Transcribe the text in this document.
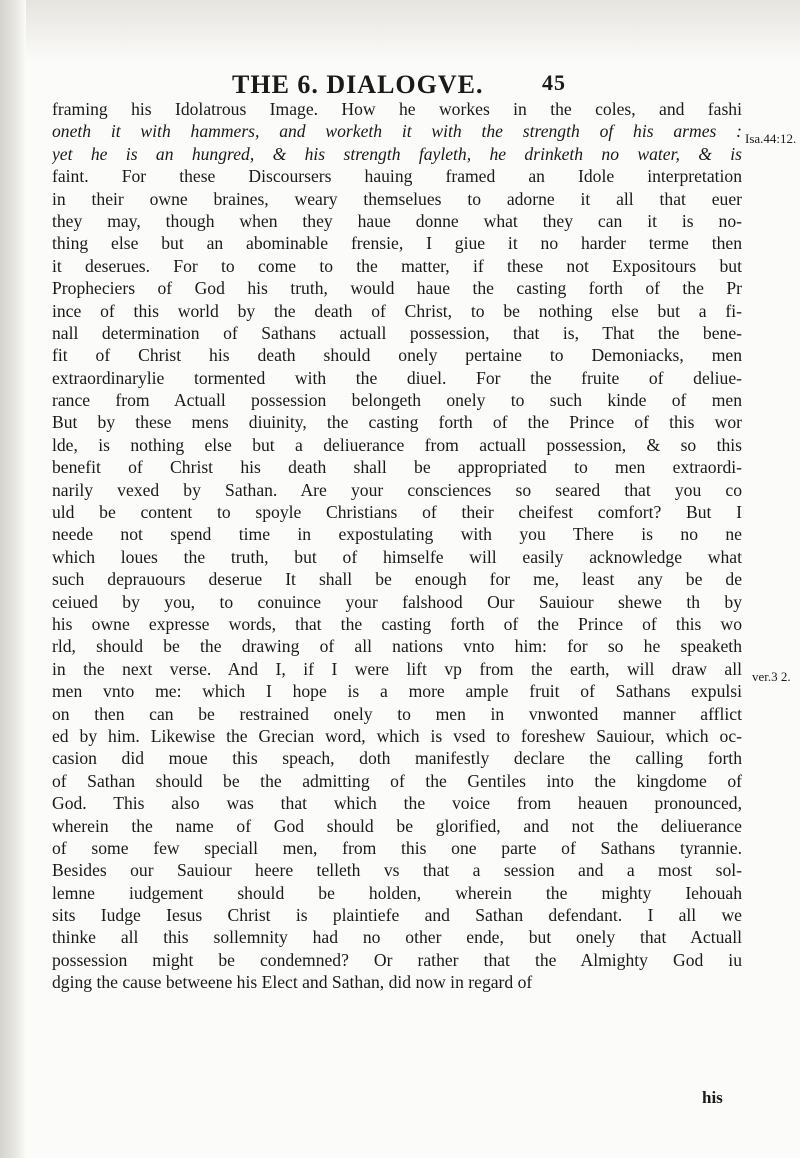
THE 6. DIALOGVE.	45
framing his Idolatrous Image. How he workes in the coles, and fashi
oneth it with hammers, and worketh it with the strength of his armes :
yet he is an hungred, & his strength fayleth, he drinketh no water, & is
faint. For these Discoursers hauing framed an Idole interpretation
in their owne braines, weary themselues to adorne it all that euer
they may, though when they haue donne what they can it is no-
thing else but an abominable frensie, I giue it no harder terme then
it deserues. For to come to the matter, if these not Expositours but
Propheciers of God his truth, would haue the casting forth of the Pr
ince of this world by the death of Christ, to be nothing else but a fi-
nall determination of Sathans actuall possession, that is, That the bene-
fit of Christ his death should onely pertaine to Demoniacks, men
extraordinarylie tormented with the diuel. For the fruite of deliue-
rance from Actuall possession belongeth onely to such kinde of men
But by these mens diuinity, the casting forth of the Prince of this wor
lde, is nothing else but a deliuerance from actuall possession, & so this
benefit of Christ his death shall be appropriated to men extraordi-
narily vexed by Sathan. Are your consciences so seared that you co
uld be content to spoyle Christians of their cheifest comfort? But I
neede not spend time in expostulating with you There is no ne
which loues the truth, but of himselfe will easily acknowledge what
such deprauours deserue It shall be enough for me, least any be de
ceiued by you, to conuince your falshood Our Sauiour shewe th by
his owne expresse words, that the casting forth of the Prince of this wo
rld, should be the drawing of all nations vnto him: for so he speaketh
in the next verse. And I, if I were lift vp from the earth, will draw all
men vnto me: which I hope is a more ample fruit of Sathans expulsi
on then can be restrained onely to men in vnwonted manner afflict
ed by him. Likewise the Grecian word, which is vsed to foreshew Sauiour, which oc-
casion did moue this speach, doth manifestly declare the calling forth
of Sathan should be the admitting of the Gentiles into the kingdome of
God. This also was that which the voice from heauen pronounced,
wherein the name of God should be glorified, and not the deliuerance
of some few speciall men, from this one parte of Sathans tyrannie.
Besides our Sauiour heere telleth vs that a session and a most sol-
lemne iudgement should be holden, wherein the mighty Iehouah
sits Iudge Iesus Christ is plaintiefe and Sathan defendant. I all we
thinke all this sollemnity had no other ende, but onely that Actuall
possession might be condemned? Or rather that the Almighty God iu
dging the cause betweene his Elect and Sathan, did now in regard of
Isa.44:12.
ver.3 2.
his
